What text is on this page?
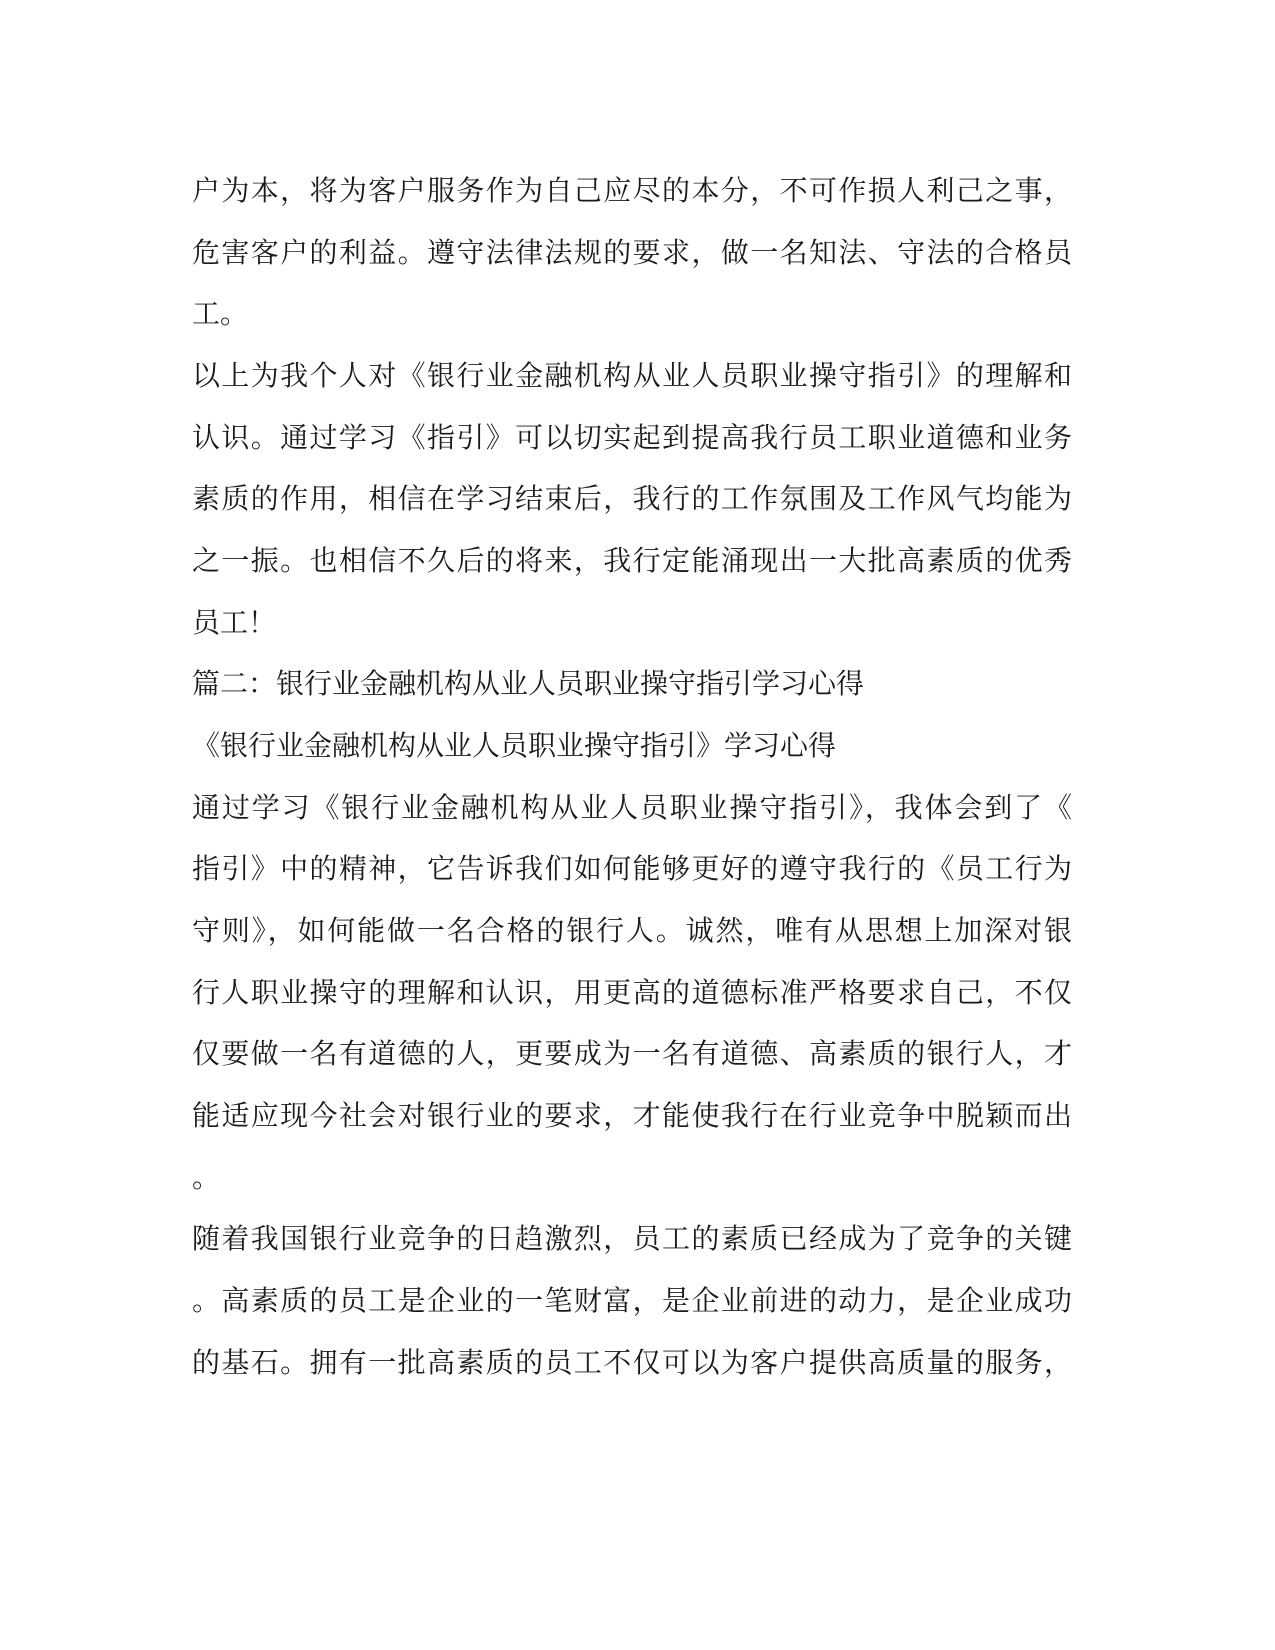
户为本，将为客户服务作为自己应尽的本分，不可作损人利己之事，
危害客户的利益。遵守法律法规的要求，做一名知法、守法的合格员
工。
以上为我个人对《银行业金融机构从业人员职业操守指引》的理解和
认识。通过学习《指引》可以切实起到提高我行员工职业道德和业务
素质的作用，相信在学习结束后，我行的工作氛围及工作风气均能为
之一振。也相信不久后的将来，我行定能涌现出一大批高素质的优秀
员工！
篇二：银行业金融机构从业人员职业操守指引学习心得
《银行业金融机构从业人员职业操守指引》学习心得
通过学习《银行业金融机构从业人员职业操守指引》，我体会到了《
指引》中的精神，它告诉我们如何能够更好的遵守我行的《员工行为
守则》，如何能做一名合格的银行人。诚然，唯有从思想上加深对银
行人职业操守的理解和认识，用更高的道德标准严格要求自己，不仅
仅要做一名有道德的人，更要成为一名有道德、高素质的银行人，才
能适应现今社会对银行业的要求，才能使我行在行业竞争中脱颖而出
。
随着我国银行业竞争的日趋激烈，员工的素质已经成为了竞争的关键
。高素质的员工是企业的一笔财富，是企业前进的动力，是企业成功
的基石。拥有一批高素质的员工不仅可以为客户提供高质量的服务，
